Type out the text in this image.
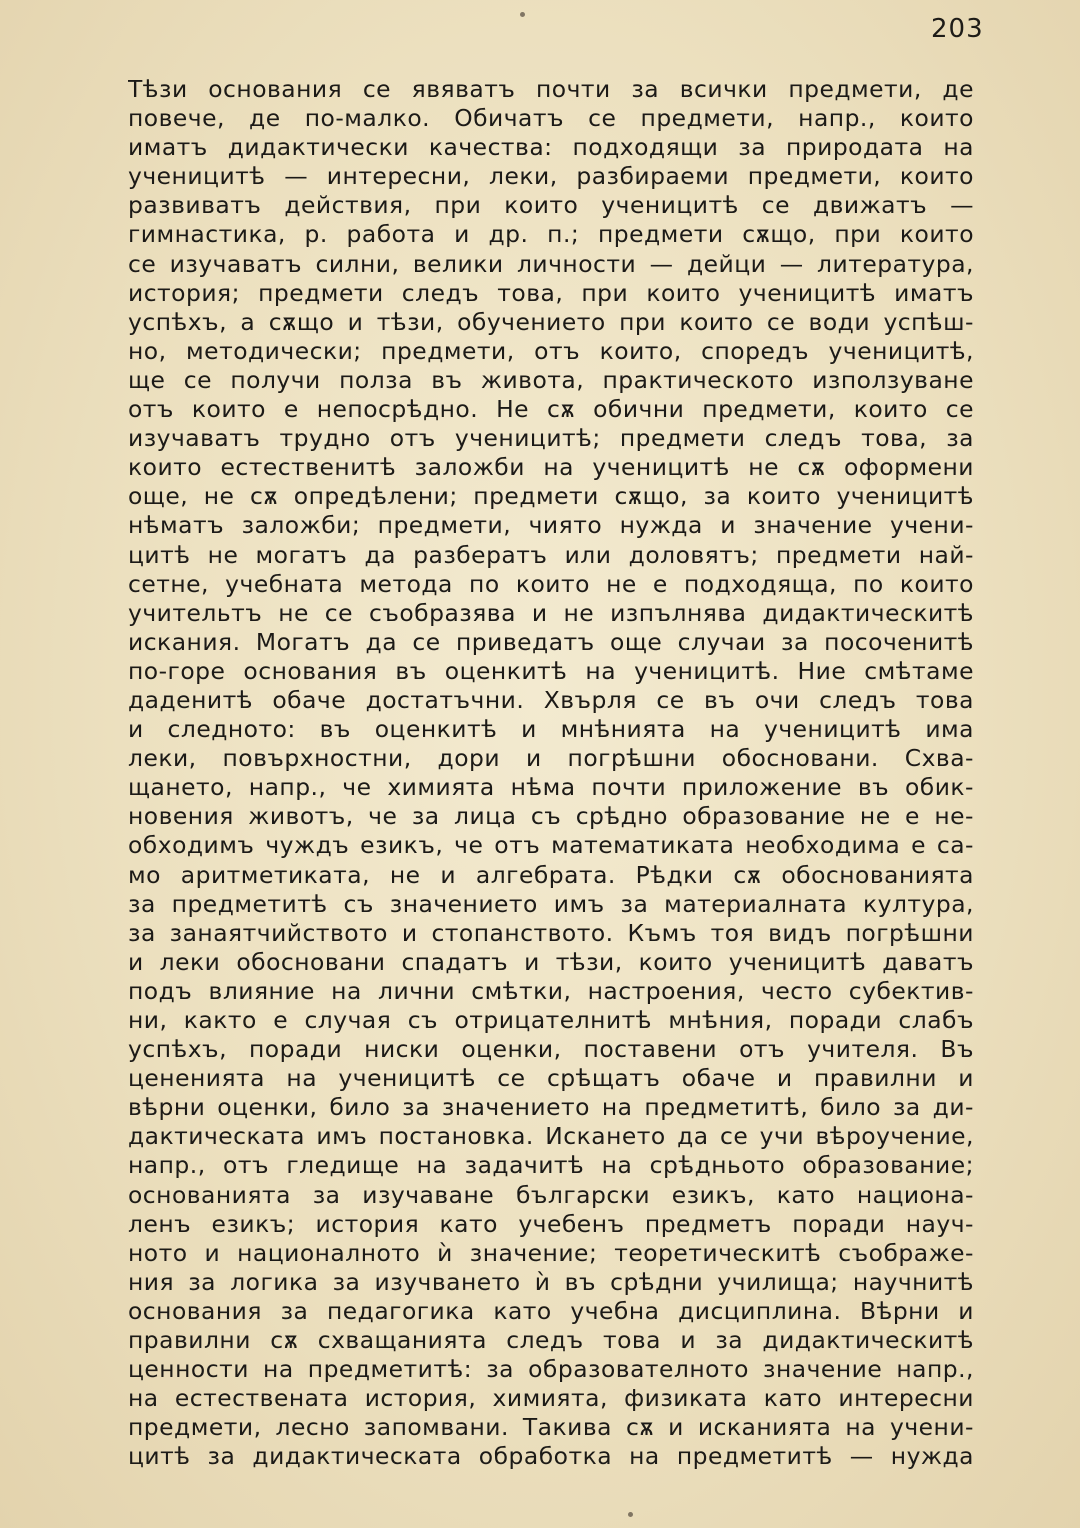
203
Тѣзи основания се явяватъ почти за всички предмети, де
повече, де по-малко. Обичатъ се предмети, напр., които
иматъ дидактически качества: подходящи за природата на
ученицитѣ — интересни, леки, разбираеми предмети, които
развиватъ действия, при които ученицитѣ се движатъ —
гимнастика, р. работа и др. п.; предмети сѫщо, при които
се изучаватъ силни, велики личности — дейци — литература,
история; предмети следъ това, при които ученицитѣ иматъ
успѣхъ, а сѫщо и тѣзи, обучението при които се води успѣш-
но, методически; предмети, отъ които, споредъ ученицитѣ,
ще се получи полза въ живота, практическото използуване
отъ които е непосрѣдно. Не сѫ обични предмети, които се
изучаватъ трудно отъ ученицитѣ; предмети следъ това, за
които естественитѣ заложби на ученицитѣ не сѫ оформени
още, не сѫ опредѣлени; предмети сѫщо, за които ученицитѣ
нѣматъ заложби; предмети, чиято нужда и значение учени-
цитѣ не могатъ да разбератъ или доловятъ; предмети най-
сетне, учебната метода по които не е подходяща, по които
учительтъ не се съобразява и не изпълнява дидактическитѣ
искания. Могатъ да се приведатъ още случаи за посоченитѣ
по-горе основания въ оценкитѣ на ученицитѣ. Ние смѣтаме
даденитѣ обаче достатъчни. Хвърля се въ очи следъ това
и следното: въ оценкитѣ и мнѣнията на ученицитѣ има
леки, повърхностни, дори и погрѣшни обосновани. Схва-
щането, напр., че химията нѣма почти приложение въ обик-
новения животъ, че за лица съ срѣдно образование не е не-
обходимъ чуждъ езикъ, че отъ математиката необходима е са-
мо аритметиката, не и алгебрата. Рѣдки сѫ обоснованията
за предметитѣ съ значението имъ за материалната култура,
за занаятчийството и стопанството. Къмъ тоя видъ погрѣшни
и леки обосновани спадатъ и тѣзи, които ученицитѣ даватъ
подъ влияние на лични смѣтки, настроения, често субектив-
ни, както е случая съ отрицателнитѣ мнѣния, поради слабъ
успѣхъ, поради ниски оценки, поставени отъ учителя. Въ
цененията на ученицитѣ се срѣщатъ обаче и правилни и
вѣрни оценки, било за значението на предметитѣ, било за ди-
дактическата имъ постановка. Искането да се учи вѣроучение,
напр., отъ гледище на задачитѣ на срѣдньото образование;
основанията за изучаване български езикъ, като национа-
ленъ езикъ; история като учебенъ предметъ поради науч-
ното и националното ѝ значение; теоретическитѣ съображе-
ния за логика за изучването ѝ въ срѣдни училища; научнитѣ
основания за педагогика като учебна дисциплина. Вѣрни и
правилни сѫ схващанията следъ това и за дидактическитѣ
ценности на предметитѣ: за образователното значение напр.,
на естествената история, химията, физиката като интересни
предмети, лесно запомвани. Такива сѫ и исканията на учени-
цитѣ за дидактическата обработка на предметитѣ — нужда
